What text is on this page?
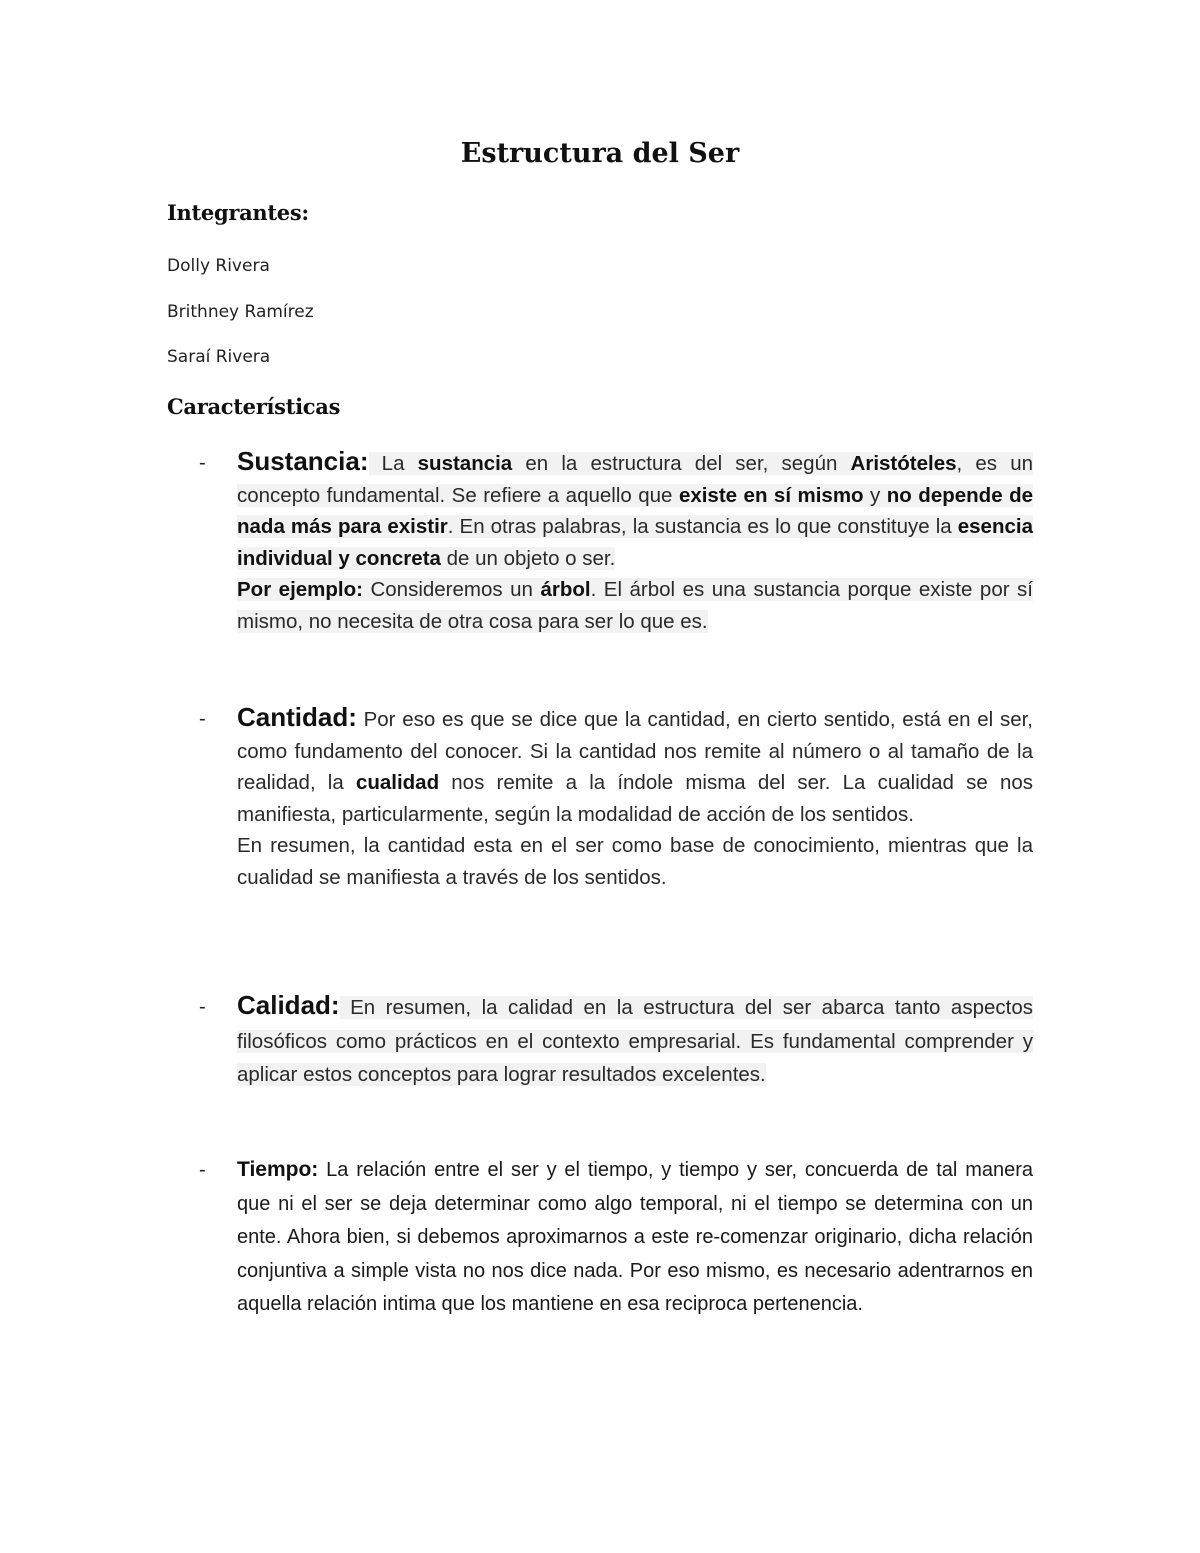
Estructura del Ser
Integrantes:
Dolly Rivera
Brithney Ramírez
Saraí Rivera
Características
- Sustancia: La sustancia en la estructura del ser, según Aristóteles, es un concepto fundamental. Se refiere a aquello que existe en sí mismo y no depende de nada más para existir. En otras palabras, la sustancia es lo que constituye la esencia individual y concreta de un objeto o ser.
Por ejemplo: Consideremos un árbol. El árbol es una sustancia porque existe por sí mismo, no necesita de otra cosa para ser lo que es.
- Cantidad: Por eso es que se dice que la cantidad, en cierto sentido, está en el ser, como fundamento del conocer. Si la cantidad nos remite al número o al tamaño de la realidad, la cualidad nos remite a la índole misma del ser. La cualidad se nos manifiesta, particularmente, según la modalidad de acción de los sentidos.
En resumen, la cantidad esta en el ser como base de conocimiento, mientras que la cualidad se manifiesta a través de los sentidos.
- Calidad: En resumen, la calidad en la estructura del ser abarca tanto aspectos filosóficos como prácticos en el contexto empresarial. Es fundamental comprender y aplicar estos conceptos para lograr resultados excelentes.
- Tiempo: La relación entre el ser y el tiempo, y tiempo y ser, concuerda de tal manera que ni el ser se deja determinar como algo temporal, ni el tiempo se determina con un ente. Ahora bien, si debemos aproximarnos a este re-comenzar originario, dicha relación conjuntiva a simple vista no nos dice nada. Por eso mismo, es necesario adentrarnos en aquella relación intima que los mantiene en esa reciproca pertenencia.
